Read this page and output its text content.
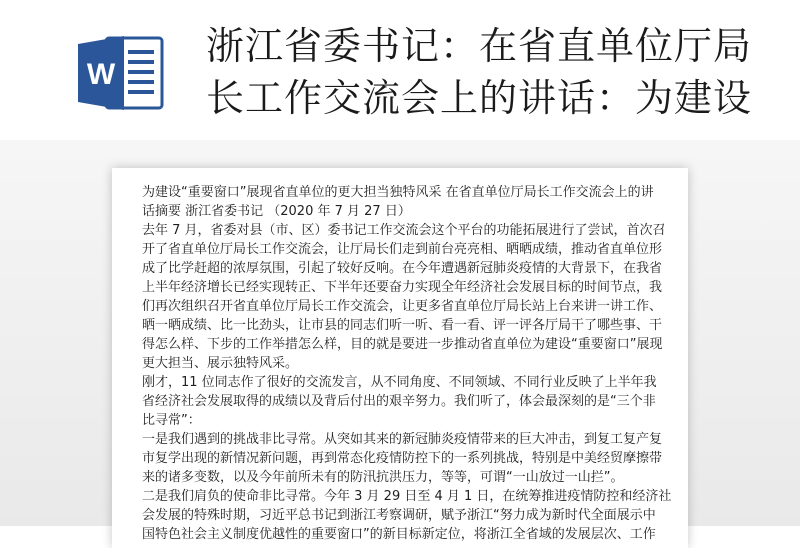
W
浙江省委书记：在省直单位厅局
长工作交流会上的讲话：为建设
为建设“重要窗口”展现省直单位的更大担当独特风采 在省直单位厅局长工作交流会上的讲
话摘要 浙江省委书记 （2020 年 7 月 27 日）
去年 7 月，省委对县（市、区）委书记工作交流会这个平台的功能拓展进行了尝试，首次召
开了省直单位厅局长工作交流会，让厅局长们走到前台亮亮相、晒晒成绩，推动省直单位形
成了比学赶超的浓厚氛围，引起了较好反响。在今年遭遇新冠肺炎疫情的大背景下，在我省
上半年经济增长已经实现转正、下半年还要奋力实现全年经济社会发展目标的时间节点，我
们再次组织召开省直单位厅局长工作交流会，让更多省直单位厅局长站上台来讲一讲工作、
晒一晒成绩、比一比劲头，让市县的同志们听一听、看一看、评一评各厅局干了哪些事、干
得怎么样、下步的工作举措怎么样，目的就是要进一步推动省直单位为建设“重要窗口”展现
更大担当、展示独特风采。
刚才，11 位同志作了很好的交流发言，从不同角度、不同领域、不同行业反映了上半年我
省经济社会发展取得的成绩以及背后付出的艰辛努力。我们听了，体会最深刻的是“三个非
比寻常”：
一是我们遇到的挑战非比寻常。从突如其来的新冠肺炎疫情带来的巨大冲击，到复工复产复
市复学出现的新情况新问题，再到常态化疫情防控下的一系列挑战，特别是中美经贸摩擦带
来的诸多变数，以及今年前所未有的防汛抗洪压力，等等，可谓“一山放过一山拦”。
二是我们肩负的使命非比寻常。今年 3 月 29 日至 4 月 1 日，在统筹推进疫情防控和经济社
会发展的特殊时期，习近平总书记到浙江考察调研，赋予浙江“努力成为新时代全面展示中
国特色社会主义制度优越性的重要窗口”的新目标新定位，将浙江全省域的发展层次、工作
